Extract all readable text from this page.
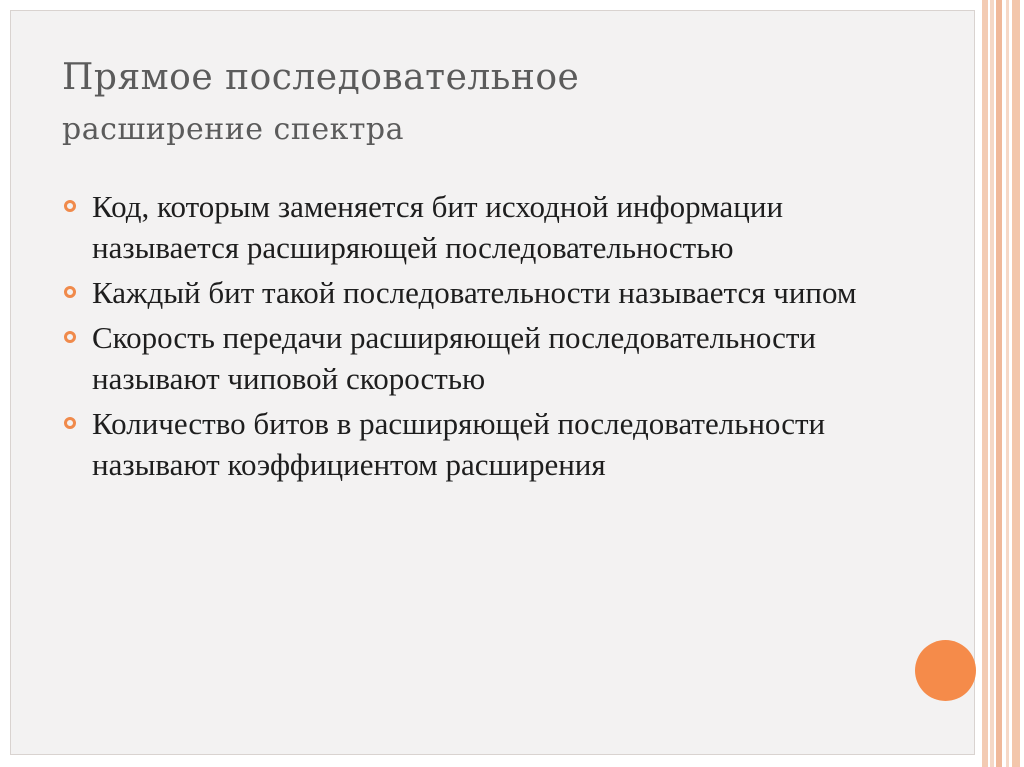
Прямое последовательное
расширение спектра
Код, которым заменяется бит исходной информации называется расширяющей последовательностью
Каждый бит такой последовательности называется чипом
Скорость передачи расширяющей последовательности называют чиповой скоростью
Количество битов в расширяющей последовательности называют коэффициентом расширения
